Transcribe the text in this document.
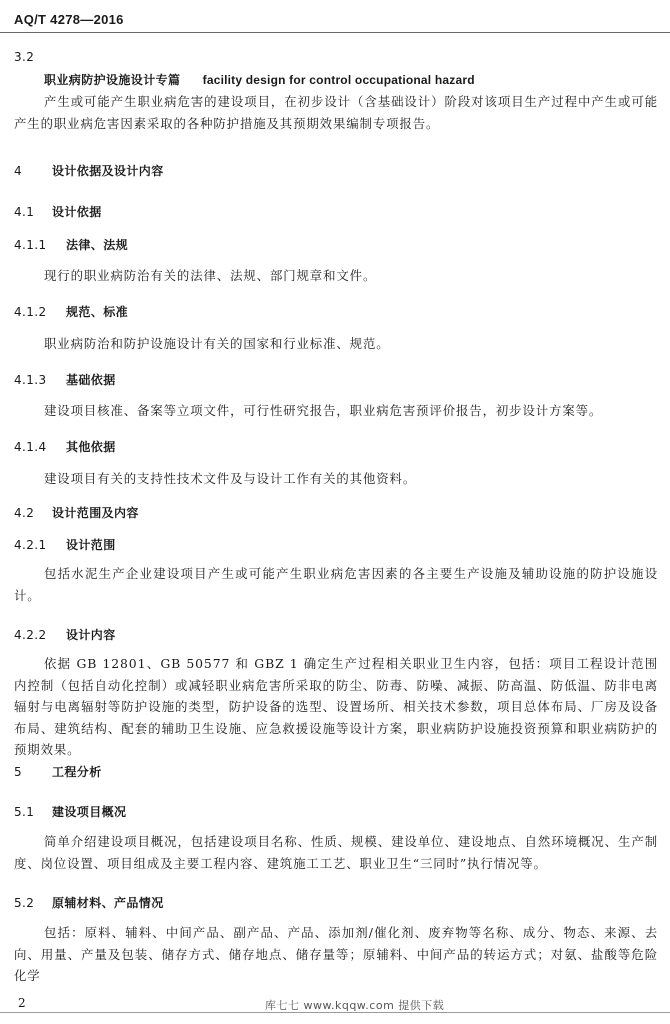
AQ/T 4278—2016
3.2
职业病防护设施设计专篇 facility design for control occupational hazard
产生或可能产生职业病危害的建设项目，在初步设计（含基础设计）阶段对该项目生产过程中产生或可能产生的职业病危害因素采取的各种防护措施及其预期效果编制专项报告。
4 设计依据及设计内容
4.1 设计依据
4.1.1 法律、法规
现行的职业病防治有关的法律、法规、部门规章和文件。
4.1.2 规范、标准
职业病防治和防护设施设计有关的国家和行业标准、规范。
4.1.3 基础依据
建设项目核准、备案等立项文件，可行性研究报告，职业病危害预评价报告，初步设计方案等。
4.1.4 其他依据
建设项目有关的支持性技术文件及与设计工作有关的其他资料。
4.2 设计范围及内容
4.2.1 设计范围
包括水泥生产企业建设项目产生或可能产生职业病危害因素的各主要生产设施及辅助设施的防护设施设计。
4.2.2 设计内容
依据 GB 12801、GB 50577 和 GBZ 1 确定生产过程相关职业卫生内容，包括：项目工程设计范围内控制（包括自动化控制）或减轻职业病危害所采取的防尘、防毒、防噪、减振、防高温、防低温、防非电离辐射与电离辐射等防护设施的类型，防护设备的选型、设置场所、相关技术参数，项目总体布局、厂房及设备布局、建筑结构、配套的辅助卫生设施、应急救援设施等设计方案，职业病防护设施投资预算和职业病防护的预期效果。
5 工程分析
5.1 建设项目概况
简单介绍建设项目概况，包括建设项目名称、性质、规模、建设单位、建设地点、自然环境概况、生产制度、岗位设置、项目组成及主要工程内容、建筑施工工艺、职业卫生“三同时”执行情况等。
5.2 原辅材料、产品情况
包括：原料、辅料、中间产品、副产品、产品、添加剂/催化剂、废弃物等名称、成分、物态、来源、去向、用量、产量及包装、储存方式、储存地点、储存量等；原辅料、中间产品的转运方式；对氨、盐酸等危险化学
2	库七七 www.kqqw.com 提供下载
